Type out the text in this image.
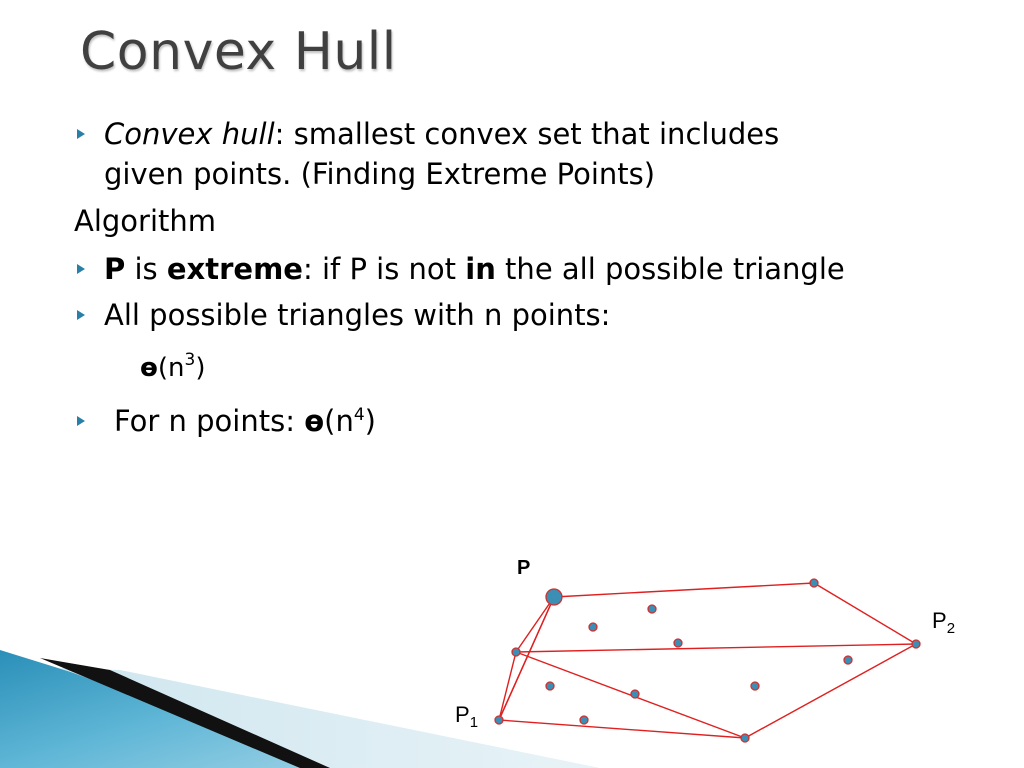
Convex Hull
Convex hull: smallest convex set that includes
given points. (Finding Extreme Points)
Algorithm
P is extreme: if P is not in the all possible triangle
All possible triangles with n points:
$ɵ(n^3)$
For n points: $ɵ(n^4)$
P
$P_1$
$P_2$
